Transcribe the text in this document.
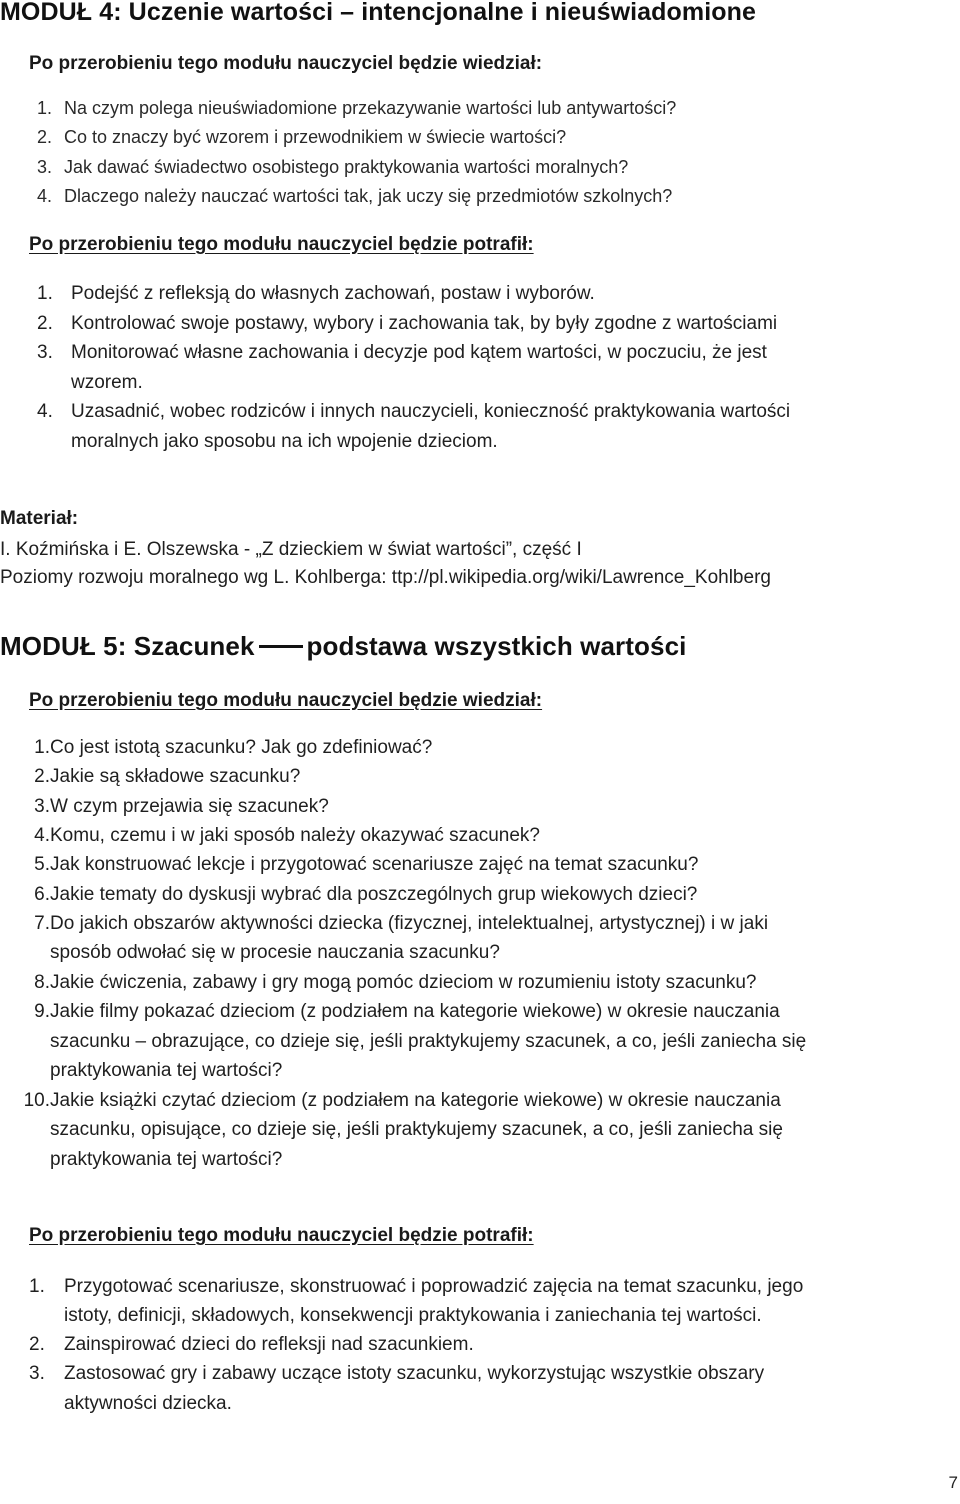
MODUŁ 4: Uczenie wartości – intencjonalne i nieuświadomione
Po przerobieniu tego modułu nauczyciel będzie wiedział:
1. Na czym polega nieuświadomione przekazywanie wartości lub antywartości?
2. Co to znaczy być wzorem i przewodnikiem w świecie wartości?
3. Jak dawać świadectwo osobistego praktykowania wartości moralnych?
4. Dlaczego należy nauczać wartości tak, jak uczy się przedmiotów szkolnych?
Po przerobieniu tego modułu nauczyciel będzie potrafił:
1. Podejść z refleksją do własnych zachowań, postaw i wyborów.
2. Kontrolować swoje postawy, wybory i zachowania tak, by były zgodne z wartościami
3. Monitorować własne zachowania i decyzje pod kątem wartości, w poczuciu, że jest
wzorem.
4. Uzasadnić, wobec rodziców i innych nauczycieli, konieczność praktykowania wartości
moralnych jako sposobu na ich wpojenie dzieciom.
Materiał:
I. Koźmińska i E. Olszewska - „Z dzieckiem w świat wartości”, część I
Poziomy rozwoju moralnego wg L. Kohlberga: ttp://pl.wikipedia.org/wiki/Lawrence_Kohlberg
MODUŁ 5: Szacunek podstawa wszystkich wartości
Po przerobieniu tego modułu nauczyciel będzie wiedział:
1.Co jest istotą szacunku? Jak go zdefiniować?
2.Jakie są składowe szacunku?
3.W czym przejawia się szacunek?
4.Komu, czemu i w jaki sposób należy okazywać szacunek?
5.Jak konstruować lekcje i przygotować scenariusze zajęć na temat szacunku?
6.Jakie tematy do dyskusji wybrać dla poszczególnych grup wiekowych dzieci?
7.Do jakich obszarów aktywności dziecka (fizycznej, intelektualnej, artystycznej) i w jaki
sposób odwołać się w procesie nauczania szacunku?
8.Jakie ćwiczenia, zabawy i gry mogą pomóc dzieciom w rozumieniu istoty szacunku?
9.Jakie filmy pokazać dzieciom (z podziałem na kategorie wiekowe) w okresie nauczania
szacunku – obrazujące, co dzieje się, jeśli praktykujemy szacunek, a co, jeśli zaniecha się
praktykowania tej wartości?
10.Jakie książki czytać dzieciom (z podziałem na kategorie wiekowe) w okresie nauczania
szacunku, opisujące, co dzieje się, jeśli praktykujemy szacunek, a co, jeśli zaniecha się
praktykowania tej wartości?
Po przerobieniu tego modułu nauczyciel będzie potrafił:
1. Przygotować scenariusze, skonstruować i poprowadzić zajęcia na temat szacunku, jego
istoty, definicji, składowych, konsekwencji praktykowania i zaniechania tej wartości.
2. Zainspirować dzieci do refleksji nad szacunkiem.
3. Zastosować gry i zabawy uczące istoty szacunku, wykorzystując wszystkie obszary
aktywności dziecka.
7
